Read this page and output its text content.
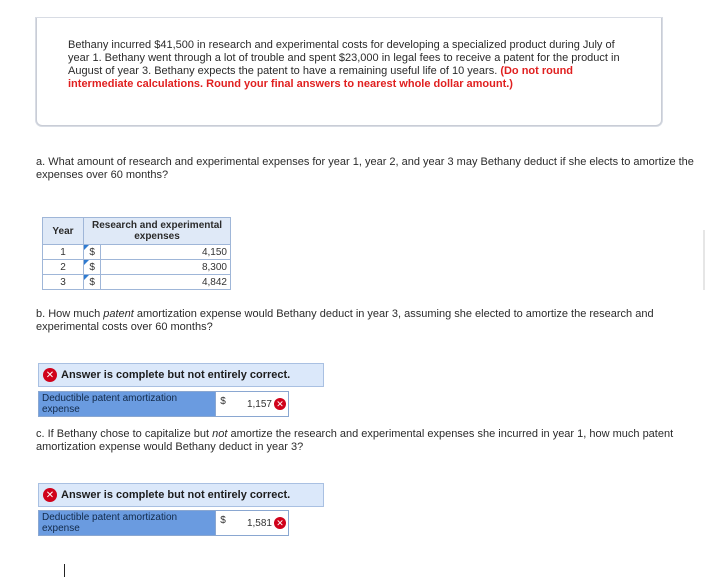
Bethany incurred $41,500 in research and experimental costs for developing a specialized product during July of year 1. Bethany went through a lot of trouble and spent $23,000 in legal fees to receive a patent for the product in August of year 3. Bethany expects the patent to have a remaining useful life of 10 years. (Do not round intermediate calculations. Round your final answers to nearest whole dollar amount.)
a. What amount of research and experimental expenses for year 1, year 2, and year 3 may Bethany deduct if she elects to amortize the expenses over 60 months?
Year	Research and experimental expenses	
1	$	4,150
2	$	8,300
3	$	4,842
b. How much patent amortization expense would Bethany deduct in year 3, assuming she elected to amortize the research and experimental costs over 60 months?
✕ Answer is complete but not entirely correct.
Deductible patent amortization expense
$	1,157 ✕
c. If Bethany chose to capitalize but not amortize the research and experimental expenses she incurred in year 1, how much patent amortization expense would Bethany deduct in year 3?
✕ Answer is complete but not entirely correct.
Deductible patent amortization expense
$	1,581 ✕
